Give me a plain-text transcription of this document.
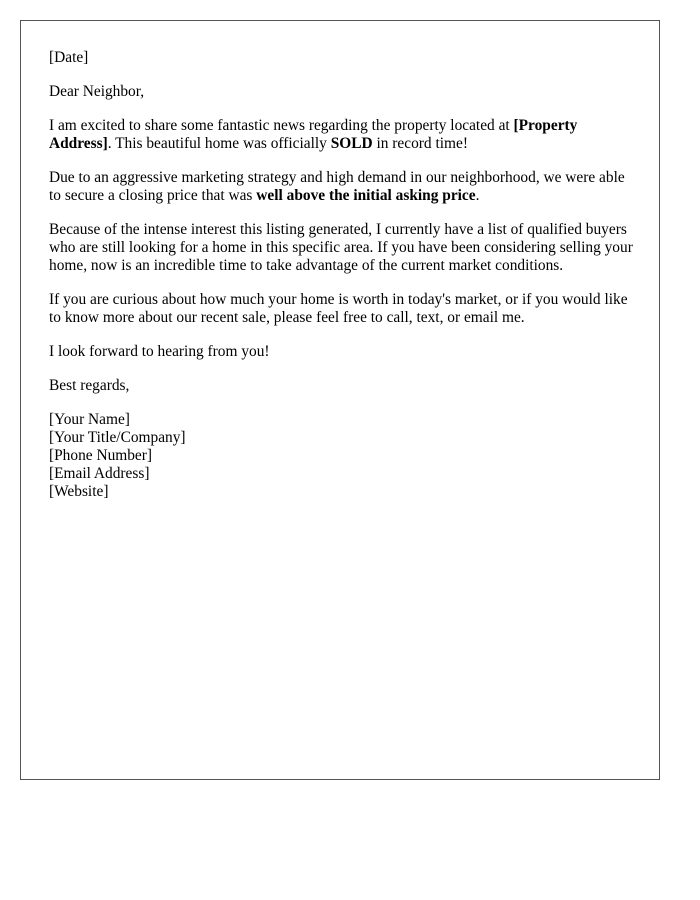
[Date]

Dear Neighbor,

I am excited to share some fantastic news regarding the property located at [Property Address]. This beautiful home was officially SOLD in record time!

Due to an aggressive marketing strategy and high demand in our neighborhood, we were able to secure a closing price that was well above the initial asking price.

Because of the intense interest this listing generated, I currently have a list of qualified buyers who are still looking for a home in this specific area. If you have been considering selling your home, now is an incredible time to take advantage of the current market conditions.

If you are curious about how much your home is worth in today's market, or if you would like to know more about our recent sale, please feel free to call, text, or email me.

I look forward to hearing from you!

Best regards,

[Your Name]
[Your Title/Company]
[Phone Number]
[Email Address]
[Website]
